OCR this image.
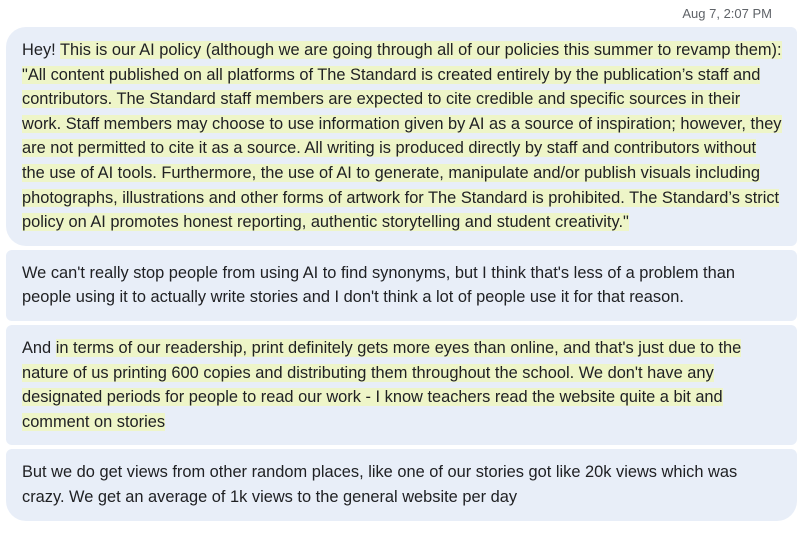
Aug 7, 2:07 PM
Hey! This is our AI policy (although we are going through all of our policies this summer to revamp them): "All content published on all platforms of The Standard is created entirely by the publication’s staff and contributors. The Standard staff members are expected to cite credible and specific sources in their work. Staff members may choose to use information given by AI as a source of inspiration; however, they are not permitted to cite it as a source. All writing is produced directly by staff and contributors without the use of AI tools. Furthermore, the use of AI to generate, manipulate and/or publish visuals including photographs, illustrations and other forms of artwork for The Standard is prohibited. The Standard’s strict policy on AI promotes honest reporting, authentic storytelling and student creativity."
We can't really stop people from using AI to find synonyms, but I think that's less of a problem than people using it to actually write stories and I don't think a lot of people use it for that reason.
And in terms of our readership, print definitely gets more eyes than online, and that's just due to the nature of us printing 600 copies and distributing them throughout the school. We don't have any designated periods for people to read our work - I know teachers read the website quite a bit and comment on stories
But we do get views from other random places, like one of our stories got like 20k views which was crazy. We get an average of 1k views to the general website per day
